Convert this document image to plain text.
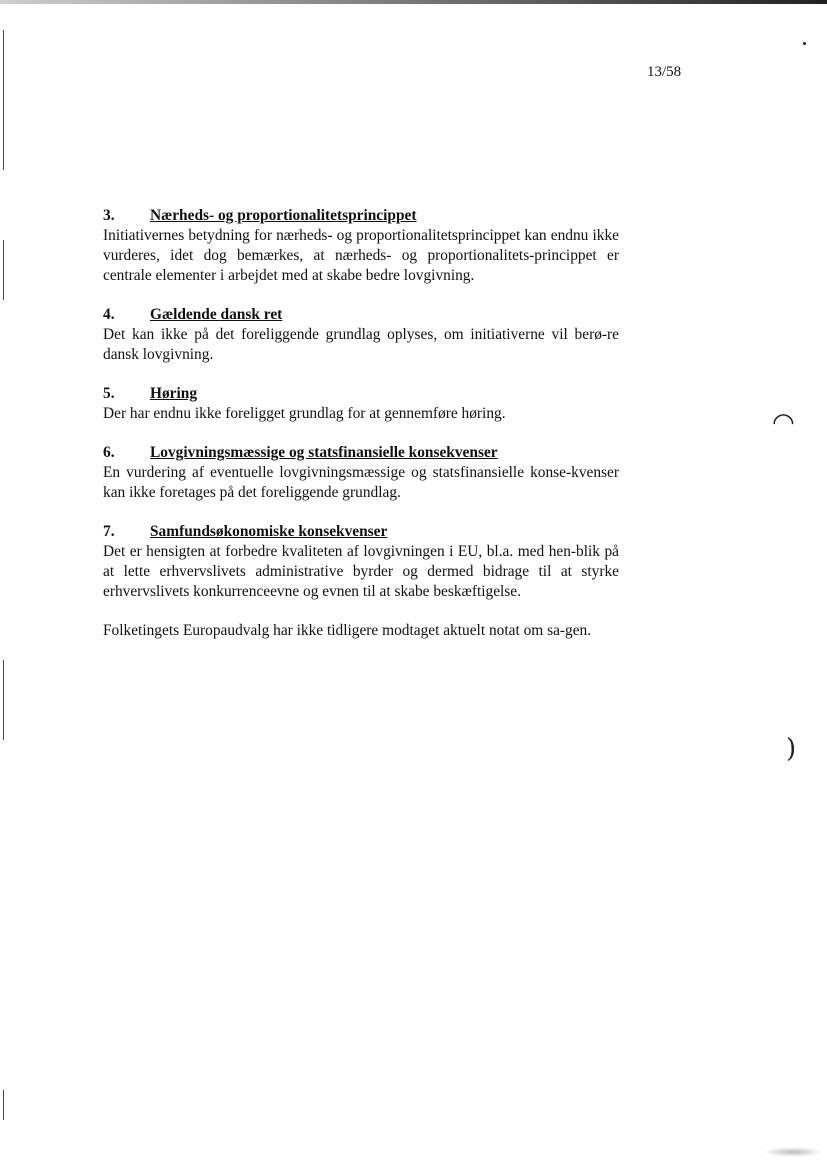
◠
)
13/58
3.	Nærheds- og proportionalitetsprincippet
Initiativernes betydning for nærheds- og proportionalitetsprincippet kan endnu ikke vurderes, idet dog bemærkes, at nærheds- og proportionalitets-princippet er centrale elementer i arbejdet med at skabe bedre lovgivning.
4.	Gældende dansk ret
Det kan ikke på det foreliggende grundlag oplyses, om initiativerne vil berø-re dansk lovgivning.
5.	Høring
Der har endnu ikke foreligget grundlag for at gennemføre høring.
6.	Lovgivningsmæssige og statsfinansielle konsekvenser
En vurdering af eventuelle lovgivningsmæssige og statsfinansielle konse-kvenser kan ikke foretages på det foreliggende grundlag.
7.	Samfundsøkonomiske konsekvenser
Det er hensigten at forbedre kvaliteten af lovgivningen i EU, bl.a. med hen-blik på at lette erhvervslivets administrative byrder og dermed bidrage til at styrke erhvervslivets konkurrenceevne og evnen til at skabe beskæftigelse.
Folketingets Europaudvalg har ikke tidligere modtaget aktuelt notat om sa-gen.
